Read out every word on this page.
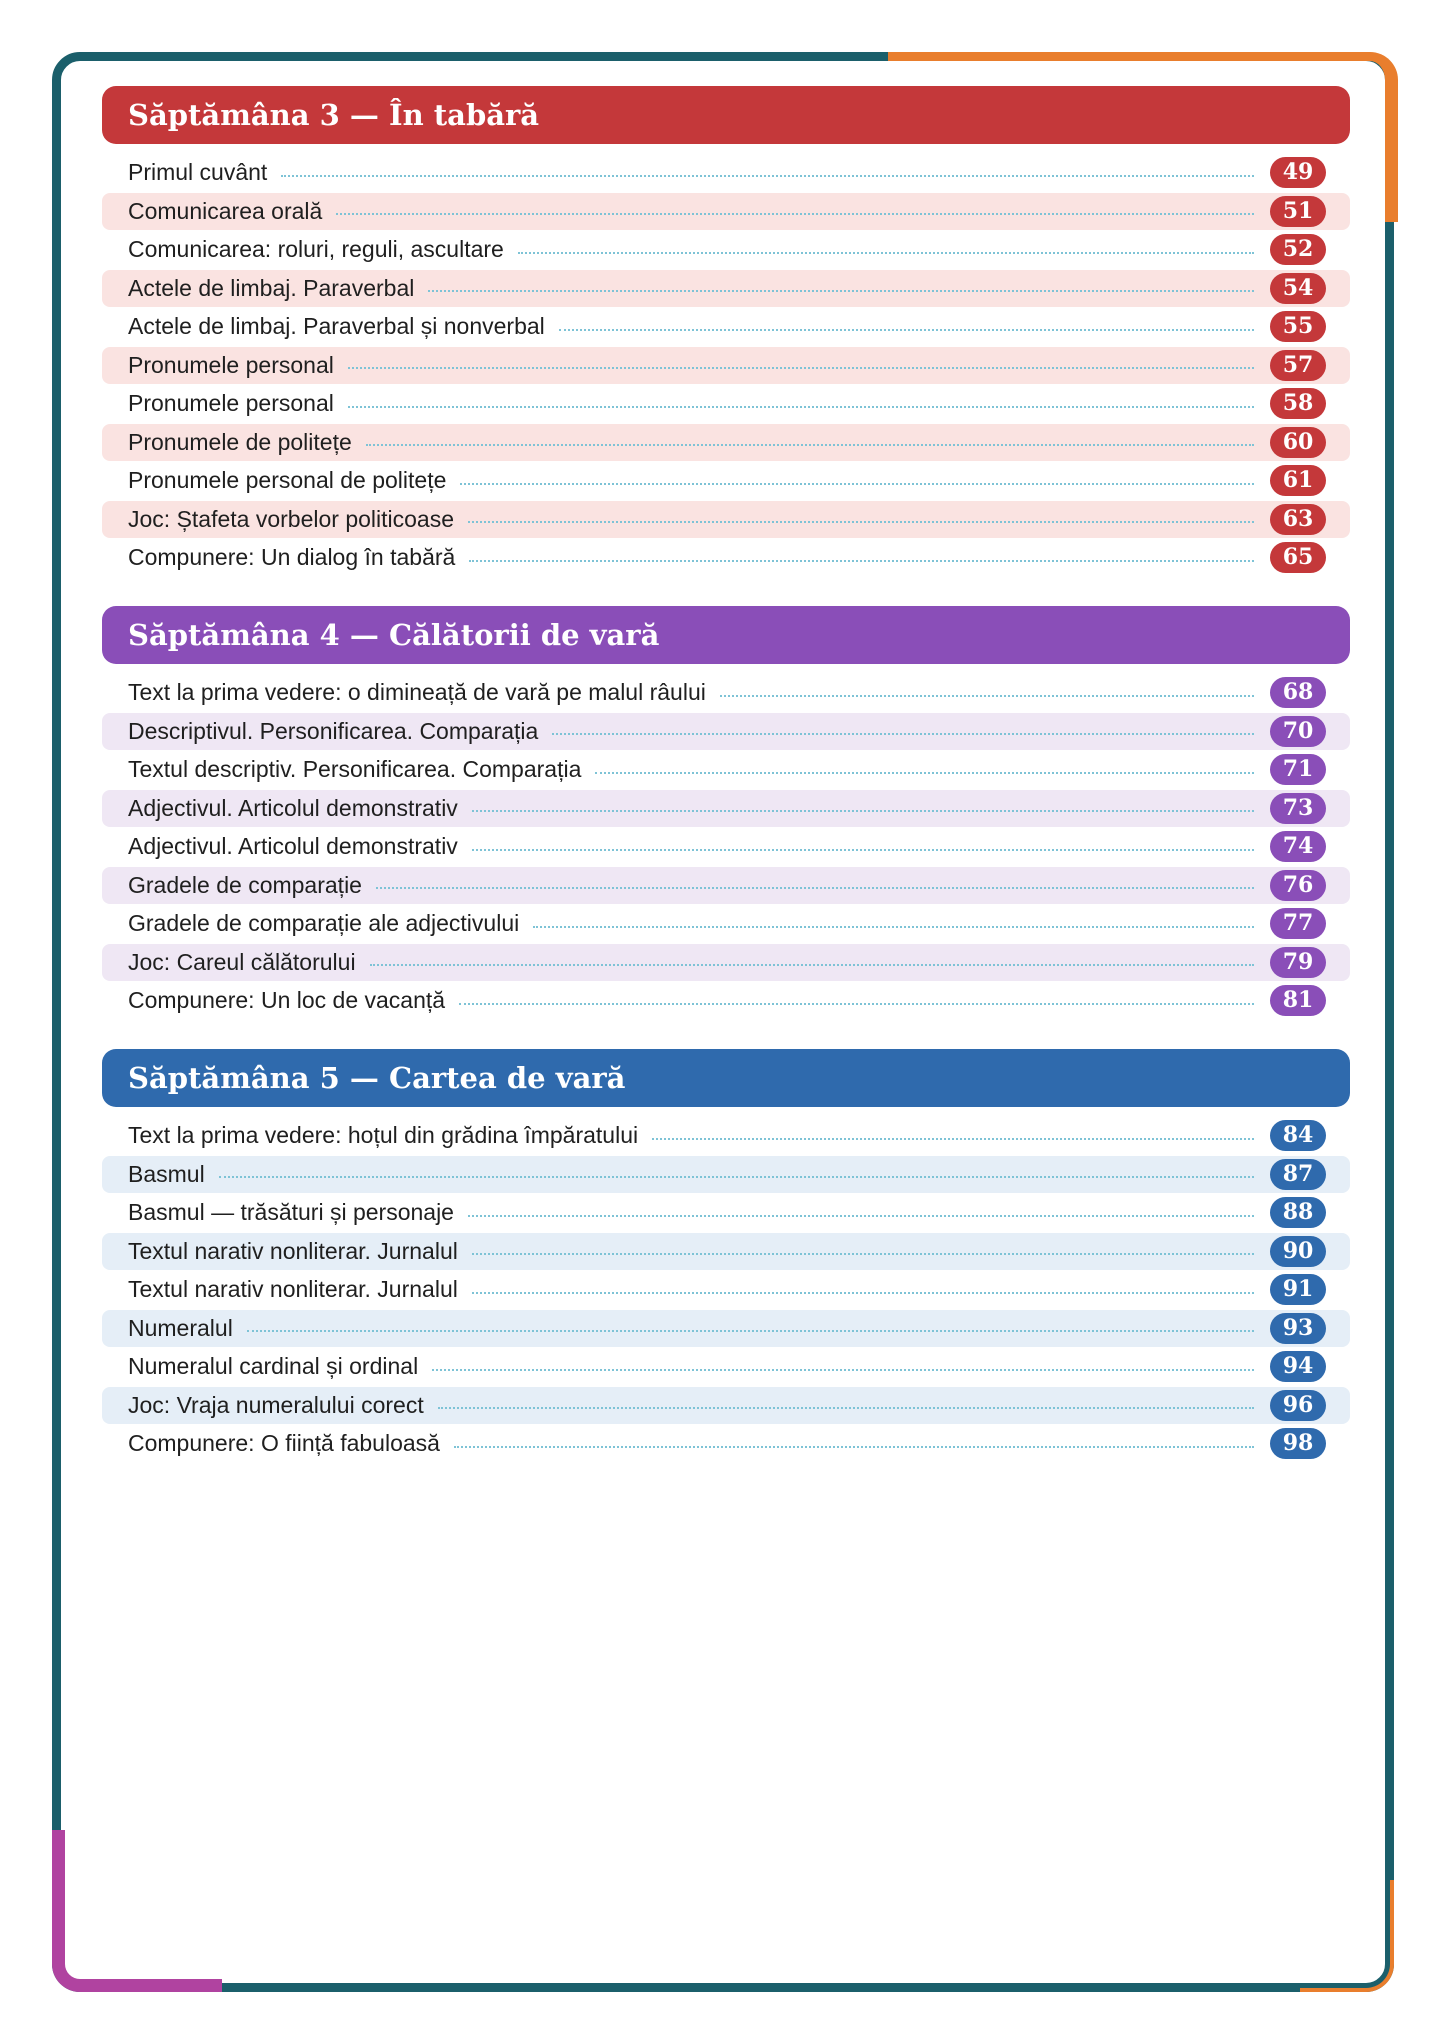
Săptămâna 3 — În tabără
Primul cuvânt	49
Comunicarea orală	51
Comunicarea: roluri, reguli, ascultare	52
Actele de limbaj. Paraverbal	54
Actele de limbaj. Paraverbal și nonverbal	55
Pronumele personal	57
Pronumele personal	58
Pronumele de politețe	60
Pronumele personal de politețe	61
Joc: Ștafeta vorbelor politicoase	63
Compunere: Un dialog în tabără	65
Săptămâna 4 — Călătorii de vară
Text la prima vedere: o dimineață de vară pe malul râului	68
Descriptivul. Personificarea. Comparația	70
Textul descriptiv. Personificarea. Comparația	71
Adjectivul. Articolul demonstrativ	73
Adjectivul. Articolul demonstrativ	74
Gradele de comparație	76
Gradele de comparație ale adjectivului	77
Joc: Careul călătorului	79
Compunere: Un loc de vacanță	81
Săptămâna 5 — Cartea de vară
Text la prima vedere: hoțul din grădina împăratului	84
Basmul	87
Basmul — trăsături și personaje	88
Textul narativ nonliterar. Jurnalul	90
Textul narativ nonliterar. Jurnalul	91
Numeralul	93
Numeralul cardinal și ordinal	94
Joc: Vraja numeralului corect	96
Compunere: O ființă fabuloasă	98
